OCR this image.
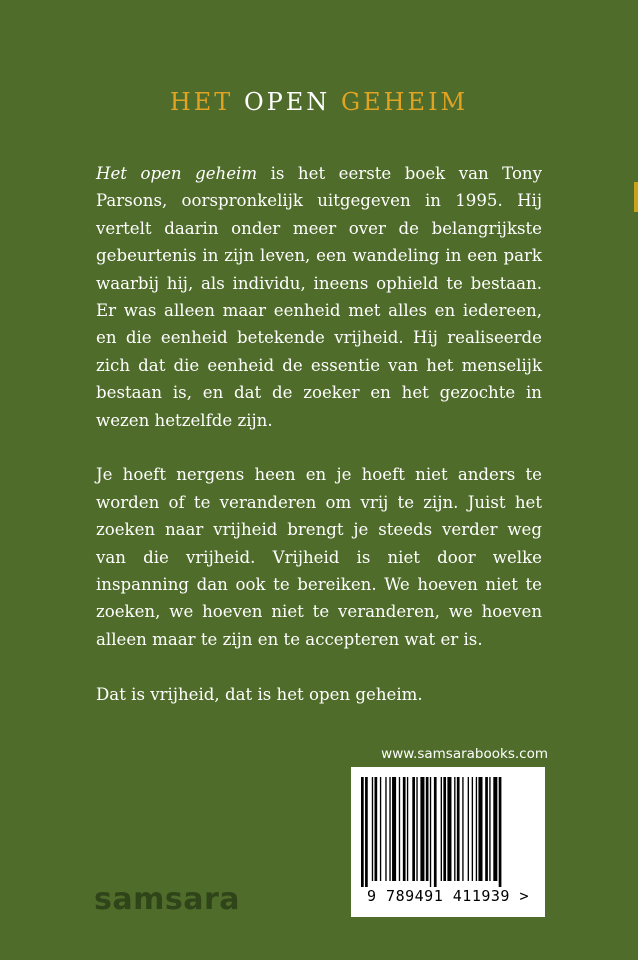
HET OPEN GEHEIM

Het open geheim is het eerste boek van Tony Parsons, oorspronkelijk uitgegeven in 1995. Hij vertelt daarin onder meer over de belangrijkste gebeurtenis in zijn leven, een wandeling in een park waarbij hij, als individu, ineens ophield te bestaan. Er was alleen maar eenheid met alles en iedereen, en die eenheid betekende vrijheid. Hij realiseerde zich dat die eenheid de essentie van het menselijk bestaan is, en dat de zoeker en het gezochte in wezen hetzelfde zijn.

Je hoeft nergens heen en je hoeft niet anders te worden of te veranderen om vrij te zijn. Juist het zoeken naar vrijheid brengt je steeds verder weg van die vrijheid. Vrijheid is niet door welke inspanning dan ook te bereiken. We hoeven niet te zoeken, we hoeven niet te veranderen, we hoeven alleen maar te zijn en te accepteren wat er is.

Dat is vrijheid, dat is het open geheim.

samsara
www.samsarabooks.com
9 789491 411939 >
